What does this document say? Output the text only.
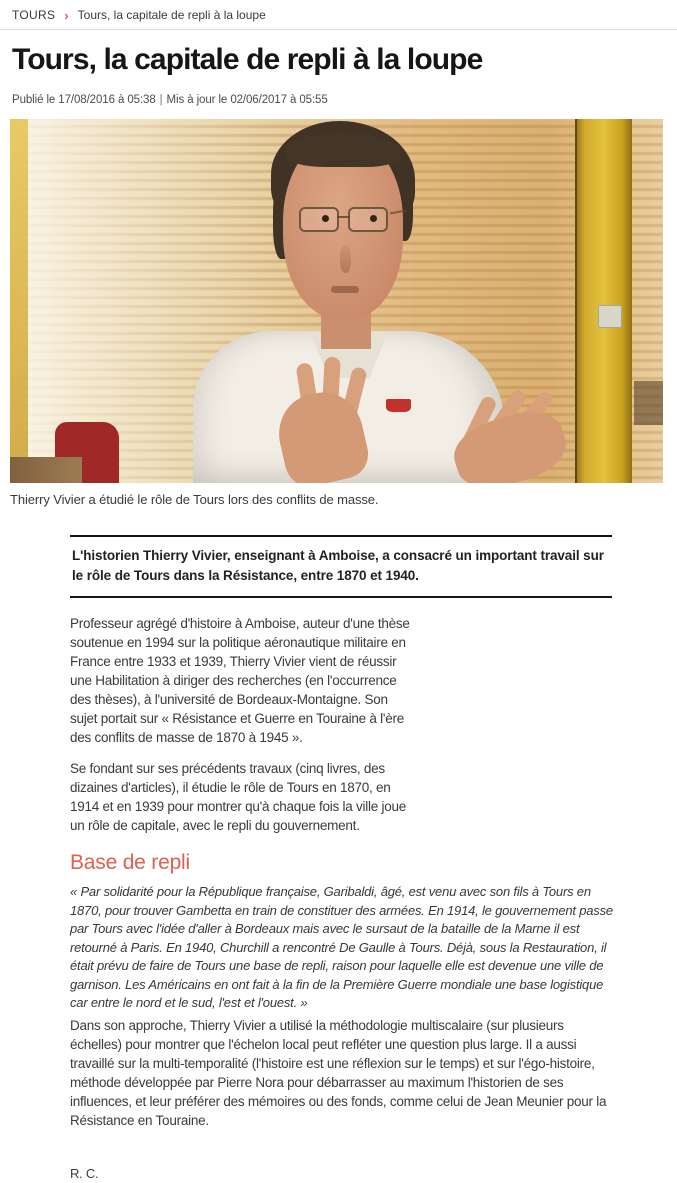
TOURS › Tours, la capitale de repli à la loupe
Tours, la capitale de repli à la loupe
Publié le 17/08/2016 à 05:38 | Mis à jour le 02/06/2017 à 05:55
Thierry Vivier a étudié le rôle de Tours lors des conflits de masse.
L'historien Thierry Vivier, enseignant à Amboise, a consacré un important travail sur le rôle de Tours dans la Résistance, entre 1870 et 1940.

Professeur agrégé d'histoire à Amboise, auteur d'une thèse soutenue en 1994 sur la politique aéronautique militaire en France entre 1933 et 1939, Thierry Vivier vient de réussir une Habilitation à diriger des recherches (en l'occurrence des thèses), à l'université de Bordeaux-Montaigne. Son sujet portait sur « Résistance et Guerre en Touraine à l'ère des conflits de masse de 1870 à 1945 ».

Se fondant sur ses précédents travaux (cinq livres, des dizaines d'articles), il étudie le rôle de Tours en 1870, en 1914 et en 1939 pour montrer qu'à chaque fois la ville joue un rôle de capitale, avec le repli du gouvernement.

Base de repli

« Par solidarité pour la République française, Garibaldi, âgé, est venu avec son fils à Tours en 1870, pour trouver Gambetta en train de constituer des armées. En 1914, le gouvernement passe par Tours avec l'idée d'aller à Bordeaux mais avec le sursaut de la bataille de la Marne il est retourné à Paris. En 1940, Churchill a rencontré De Gaulle à Tours. Déjà, sous la Restauration, il était prévu de faire de Tours une base de repli, raison pour laquelle elle est devenue une ville de garnison. Les Américains en ont fait à la fin de la Première Guerre mondiale une base logistique car entre le nord et le sud, l'est et l'ouest. »

Dans son approche, Thierry Vivier a utilisé la méthodologie multiscalaire (sur plusieurs échelles) pour montrer que l'échelon local peut refléter une question plus large. Il a aussi travaillé sur la multi-temporalité (l'histoire est une réflexion sur le temps) et sur l'égo-histoire, méthode développée par Pierre Nora pour débarrasser au maximum l'historien de ses influences, et leur préférer des mémoires ou des fonds, comme celui de Jean Meunier pour la Résistance en Touraine.

R. C.
